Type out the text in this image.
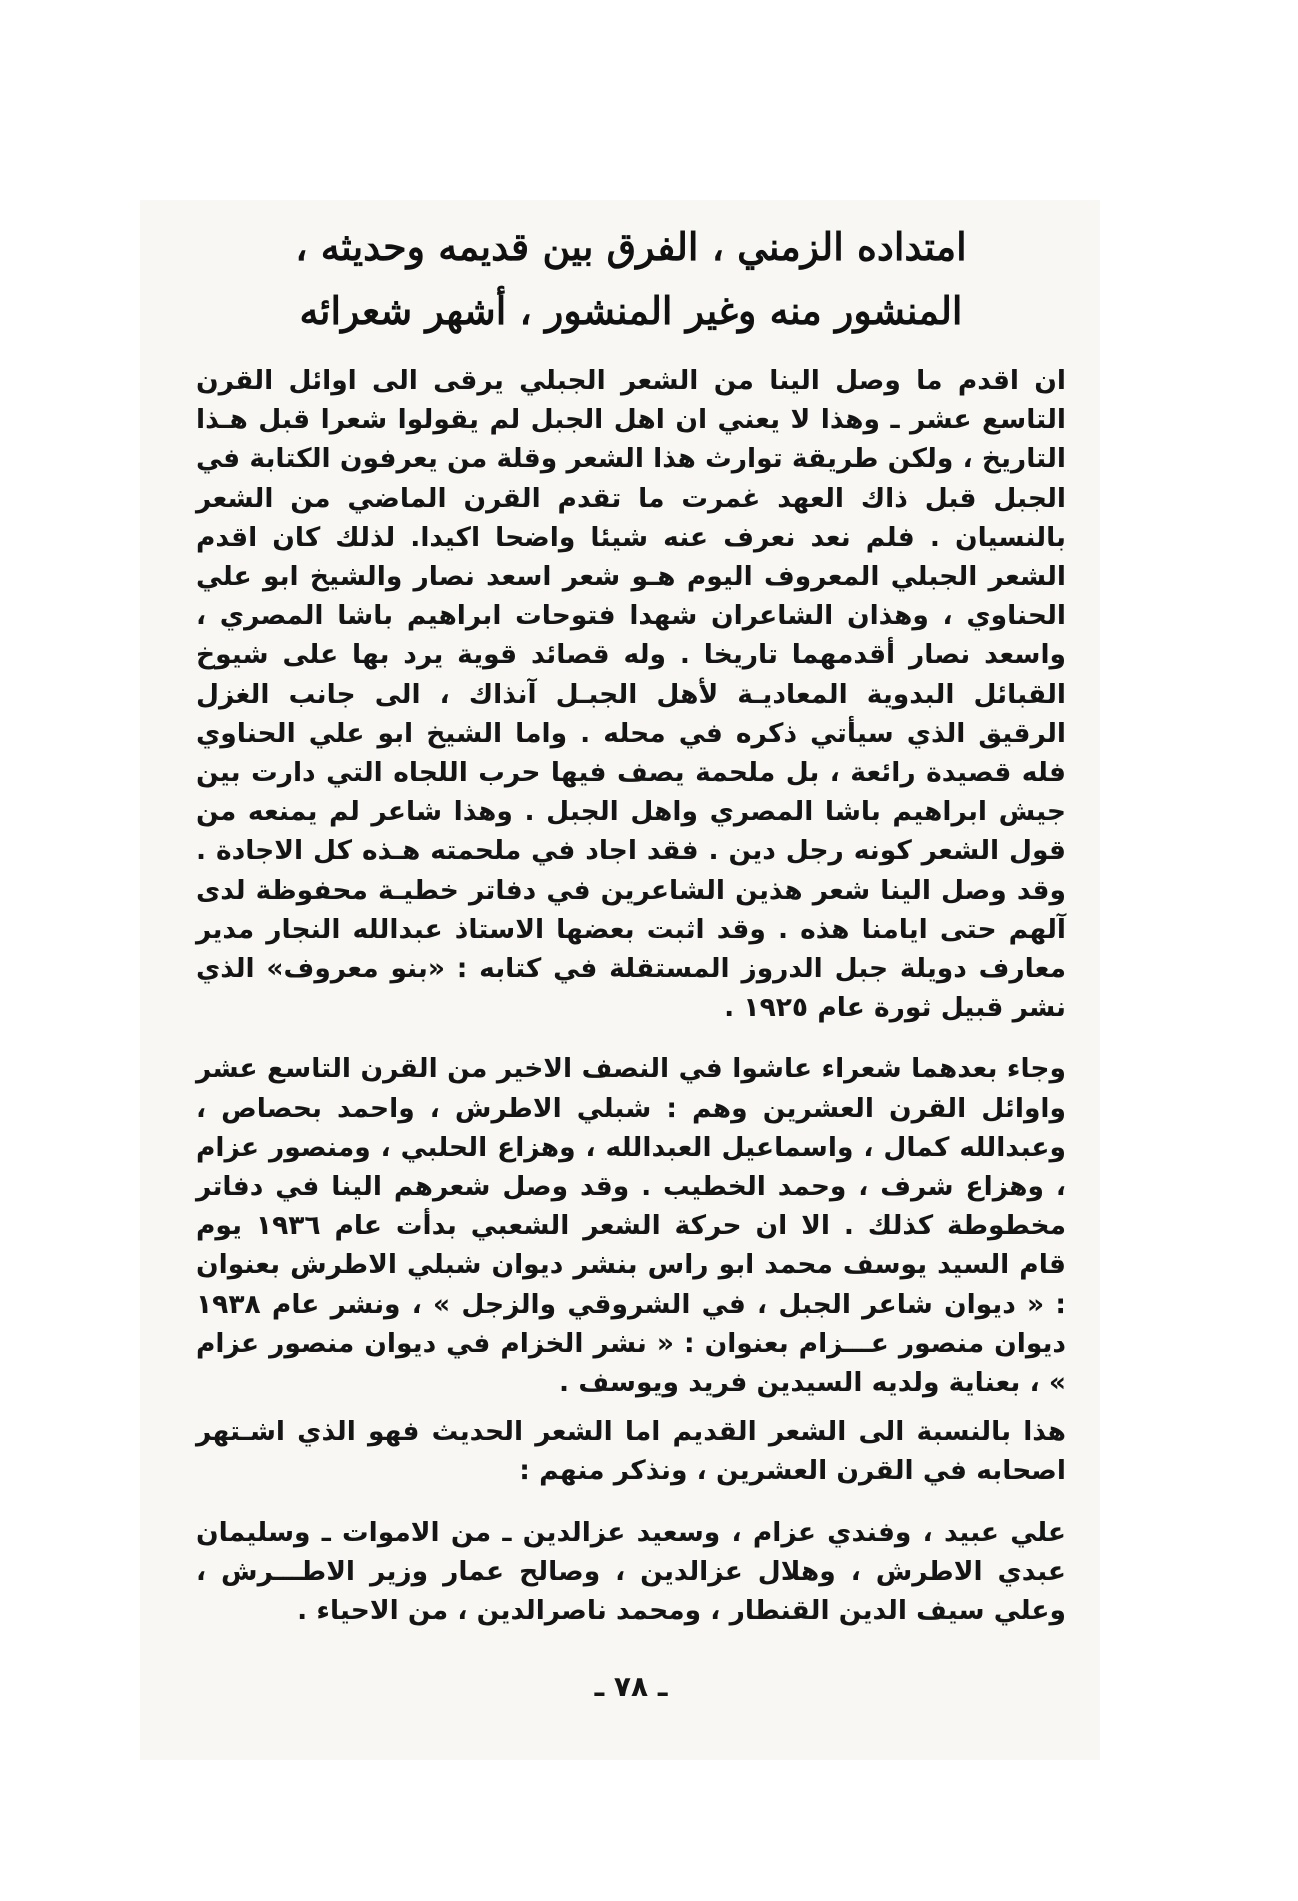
امتداده الزمني ، الفرق بين قديمه وحديثه ،
المنشور منه وغير المنشور ، أشهر شعرائه

ان اقدم ما وصل الينا من الشعر الجبلي يرقى الى اوائل القرن التاسع عشر ـ وهذا لا يعني ان اهل الجبل لم يقولوا شعرا قبل هـذا التاريخ ، ولكن طريقة توارث هذا الشعر وقلة من يعرفون الكتابة في الجبل قبل ذاك العهد غمرت ما تقدم القرن الماضي من الشعر بالنسيان . فلم نعد نعرف عنه شيئا واضحا اكيدا. لذلك كان اقدم الشعر الجبلي المعروف اليوم هـو شعر اسعد نصار والشيخ ابو علي الحناوي ، وهذان الشاعران شهدا فتوحات ابراهيم باشا المصري ، واسعد نصار أقدمهما تاريخا . وله قصائد قوية يرد بها على شيوخ القبائل البدوية المعاديـة لأهل الجبـل آنذاك ، الى جانب الغزل الرقيق الذي سيأتي ذكره في محله . واما الشيخ ابو علي الحناوي فله قصيدة رائعة ، بل ملحمة يصف فيها حرب اللجاه التي دارت بين جيش ابراهيم باشا المصري واهل الجبل . وهذا شاعر لم يمنعه من قول الشعر كونه رجل دين . فقد اجاد في ملحمته هـذه كل الاجادة . وقد وصل الينا شعر هذين الشاعرين في دفاتر خطيـة محفوظة لدى آلهم حتى ايامنا هذه . وقد اثبت بعضها الاستاذ عبدالله النجار مدير معارف دويلة جبل الدروز المستقلة في كتابه : «بنو معروف» الذي نشر قبيل ثورة عام ١٩٢٥ .

وجاء بعدهما شعراء عاشوا في النصف الاخير من القرن التاسع عشر واوائل القرن العشرين وهم : شبلي الاطرش ، واحمد بحصاص ، وعبدالله كمال ، واسماعيل العبدالله ، وهزاع الحلبي ، ومنصور عزام ، وهزاع شرف ، وحمد الخطيب . وقد وصل شعرهم الينا في دفاتر مخطوطة كذلك . الا ان حركة الشعر الشعبي بدأت عام ١٩٣٦ يوم قام السيد يوسف محمد ابو راس بنشر ديوان شبلي الاطرش بعنوان : « ديوان شاعر الجبل ، في الشروقي والزجل » ، ونشر عام ١٩٣٨ ديوان منصور عـــزام بعنوان : « نشر الخزام في ديوان منصور عزام » ، بعناية ولديه السيدين فريد ويوسف .

هذا بالنسبة الى الشعر القديم اما الشعر الحديث فهو الذي اشـتهر اصحابه في القرن العشرين ، ونذكر منهم :

علي عبيد ، وفندي عزام ، وسعيد عزالدين ـ من الاموات ـ وسليمان عبدي الاطرش ، وهلال عزالدين ، وصالح عمار وزير الاطـــرش ، وعلي سيف الدين القنطار ، ومحمد ناصرالدين ، من الاحياء .

ـ ٧٨ ـ
